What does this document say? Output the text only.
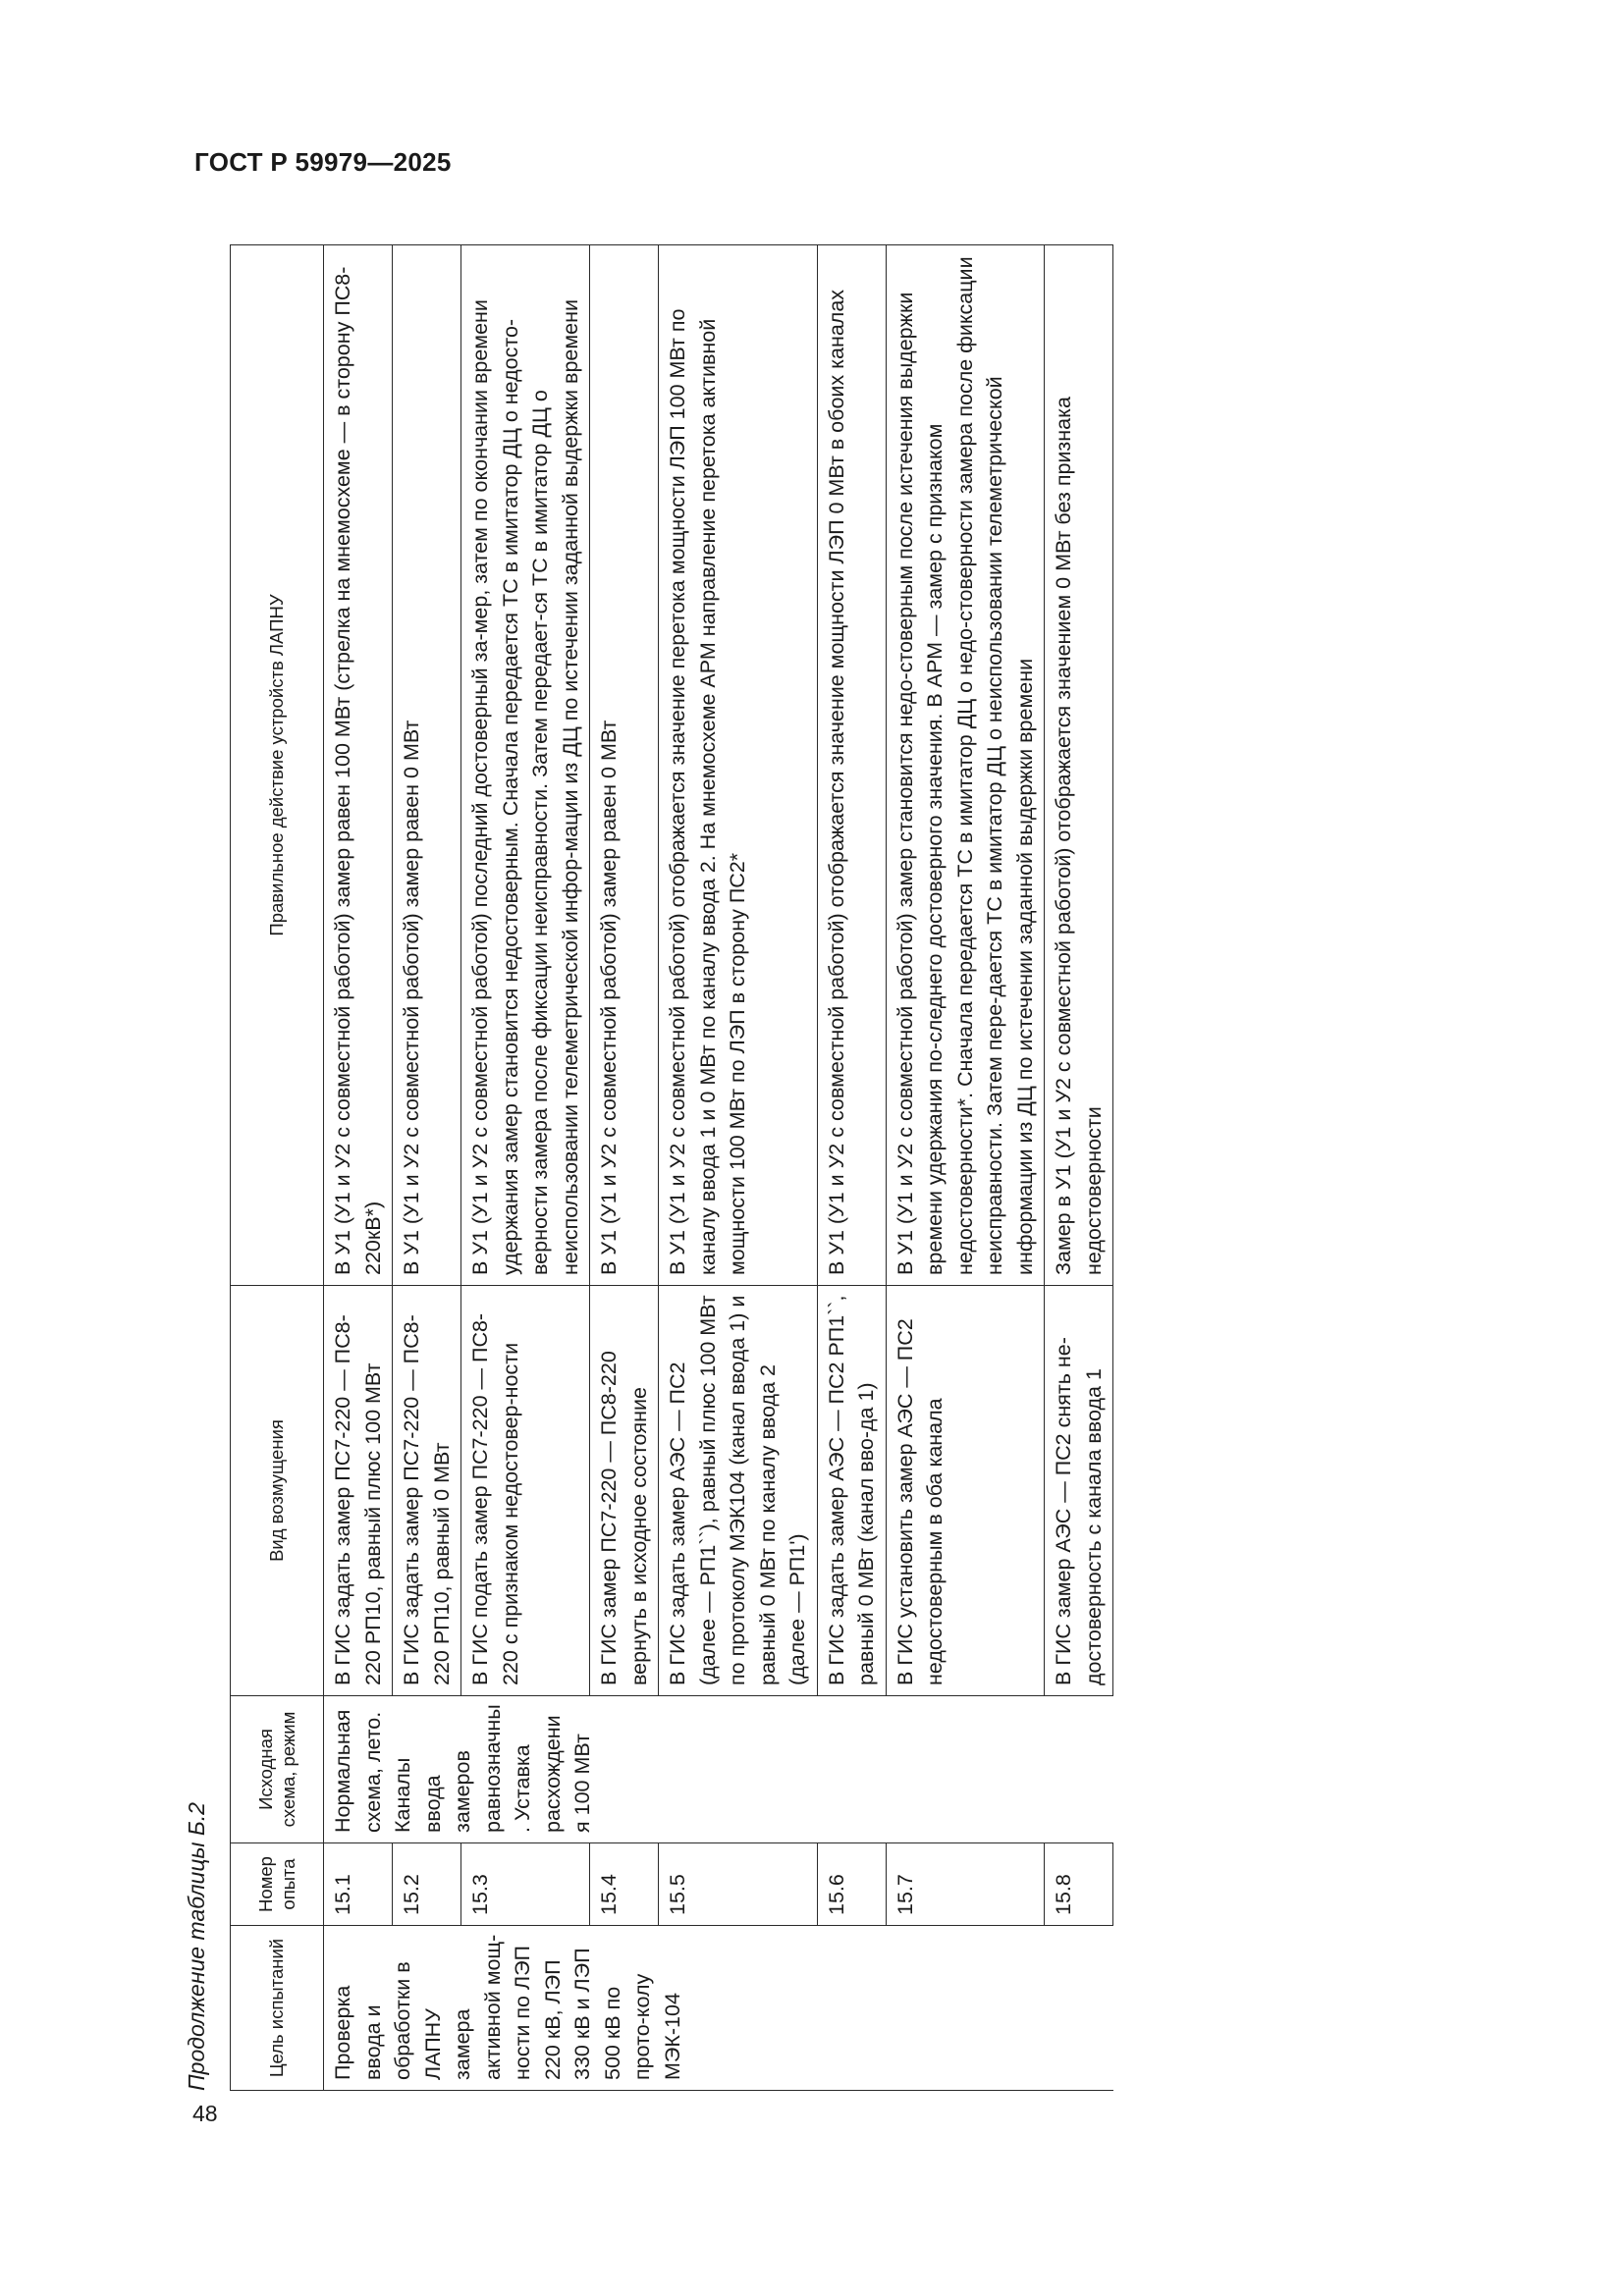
ГОСТ Р 59979—2025
48
Продолжение таблицы Б.2	Цель испытаний	Номер опыта	Исходная схема, режим	Вид возмущения	Правильное действие устройств ЛАПНУ
Проверка ввода и обработки в ЛАПНУ замера активной мощ-ности по ЛЭП 220 кВ, ЛЭП 330 кВ и ЛЭП 500 кВ по прото-колу МЭК-104	15.1	Нормальная схема, лето. Каналы ввода замеров равнозначны. Уставка расхождения 100 МВт	В ГИС задать замер ПС7-220 — ПС8-220 РП10, равный плюс 100 МВт	В У1 (У1 и У2 с совместной работой) замер равен 100 МВт (стрелка на мнемосхеме — в сторону ПС8-220кВ*)
	15.2		В ГИС задать замер ПС7-220 — ПС8-220 РП10, равный 0 МВт	В У1 (У1 и У2 с совместной работой) замер равен 0 МВт
	15.3		В ГИС подать замер ПС7-220 — ПС8-220 с признаком недостовер-ности	В У1 (У1 и У2 с совместной работой) последний достоверный за-мер, затем по окончании времени удержания замер становится недостоверным. Сначала передается ТС в имитатор ДЦ о недосто-верности замера после фиксации неисправности. Затем передает-ся ТС в имитатор ДЦ о неиспользовании телеметрической инфор-мации из ДЦ по истечении заданной выдержки времени
	15.4		В ГИС замер ПС7-220 — ПС8-220 вернуть в исходное состояние	В У1 (У1 и У2 с совместной работой) замер равен 0 МВт
	15.5		В ГИС задать замер АЭС — ПС2 (далее — РП1``), равный плюс 100 МВт по протоколу МЭК104 (канал ввода 1) и равный 0 МВт по каналу ввода 2 (далее — РП1')	В У1 (У1 и У2 с совместной работой) отображается значение перетока мощности ЛЭП 100 МВт по каналу ввода 1 и 0 МВт по каналу ввода 2. На мнемосхеме АРМ направление перетока активной мощности 100 МВт по ЛЭП в сторону ПС2*
	15.6		В ГИС задать замер АЭС — ПС2 РП1``, равный 0 МВт (канал вво-да 1)	В У1 (У1 и У2 с совместной работой) отображается значение мощности ЛЭП 0 МВт в обоих каналах
	15.7		В ГИС установить замер АЭС — ПС2 недостоверным в оба канала	В У1 (У1 и У2 с совместной работой) замер становится недо-стоверным после истечения выдержки времени удержания по-следнего достоверного значения. В АРМ — замер с признаком недостоверности*. Сначала передается ТС в имитатор ДЦ о недо-стоверности замера после фиксации неисправности. Затем пере-дается ТС в имитатор ДЦ о неиспользовании телеметрической информации из ДЦ по истечении заданной выдержки времени
	15.8		В ГИС замер АЭС — ПС2 снять не-достоверность с канала ввода 1	Замер в У1 (У1 и У2 с совместной работой) отображается значением 0 МВт без признака недостоверности
